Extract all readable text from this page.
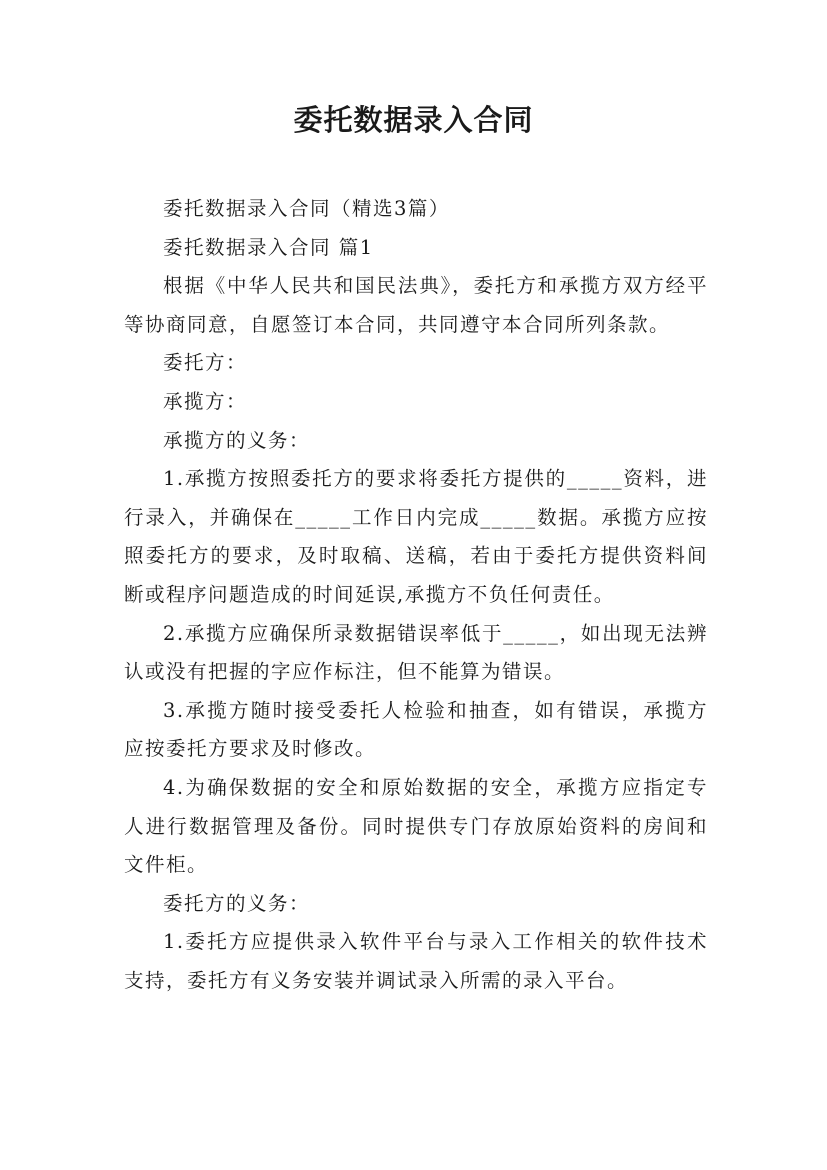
委托数据录入合同

委托数据录入合同（精选3篇）

委托数据录入合同 篇1

根据《中华人民共和国民法典》，委托方和承揽方双方经平等协商同意，自愿签订本合同，共同遵守本合同所列条款。

委托方：

承揽方：

承揽方的义务：

1.承揽方按照委托方的要求将委托方提供的_____资料，进行录入，并确保在_____工作日内完成_____数据。承揽方应按照委托方的要求，及时取稿、送稿，若由于委托方提供资料间断或程序问题造成的时间延误,承揽方不负任何责任。

2.承揽方应确保所录数据错误率低于_____，如出现无法辨认或没有把握的字应作标注，但不能算为错误。

3.承揽方随时接受委托人检验和抽查，如有错误，承揽方应按委托方要求及时修改。

4.为确保数据的安全和原始数据的安全，承揽方应指定专人进行数据管理及备份。同时提供专门存放原始资料的房间和文件柜。

委托方的义务：

1.委托方应提供录入软件平台与录入工作相关的软件技术支持，委托方有义务安装并调试录入所需的录入平台。
